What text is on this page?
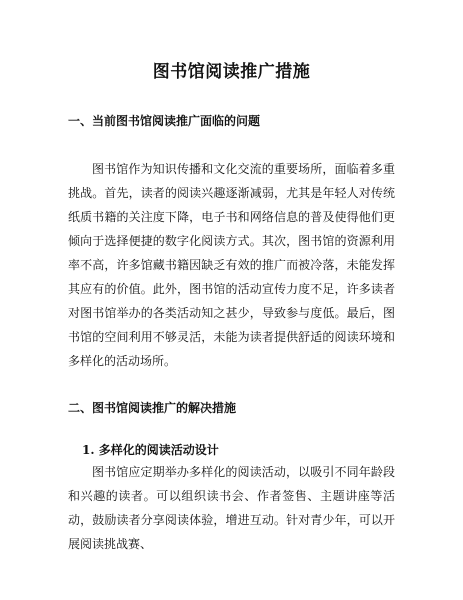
图书馆阅读推广措施
一、当前图书馆阅读推广面临的问题

图书馆作为知识传播和文化交流的重要场所，面临着多重挑战。首先，读者的阅读兴趣逐渐减弱，尤其是年轻人对传统纸质书籍的关注度下降，电子书和网络信息的普及使得他们更倾向于选择便捷的数字化阅读方式。其次，图书馆的资源利用率不高，许多馆藏书籍因缺乏有效的推广而被冷落，未能发挥其应有的价值。此外，图书馆的活动宣传力度不足，许多读者对图书馆举办的各类活动知之甚少，导致参与度低。最后，图书馆的空间利用不够灵活，未能为读者提供舒适的阅读环境和多样化的活动场所。

二、图书馆阅读推广的解决措施
1. 多样化的阅读活动设计

图书馆应定期举办多样化的阅读活动，以吸引不同年龄段和兴趣的读者。可以组织读书会、作者签售、主题讲座等活动，鼓励读者分享阅读体验，增进互动。针对青少年，可以开展阅读挑战赛、
